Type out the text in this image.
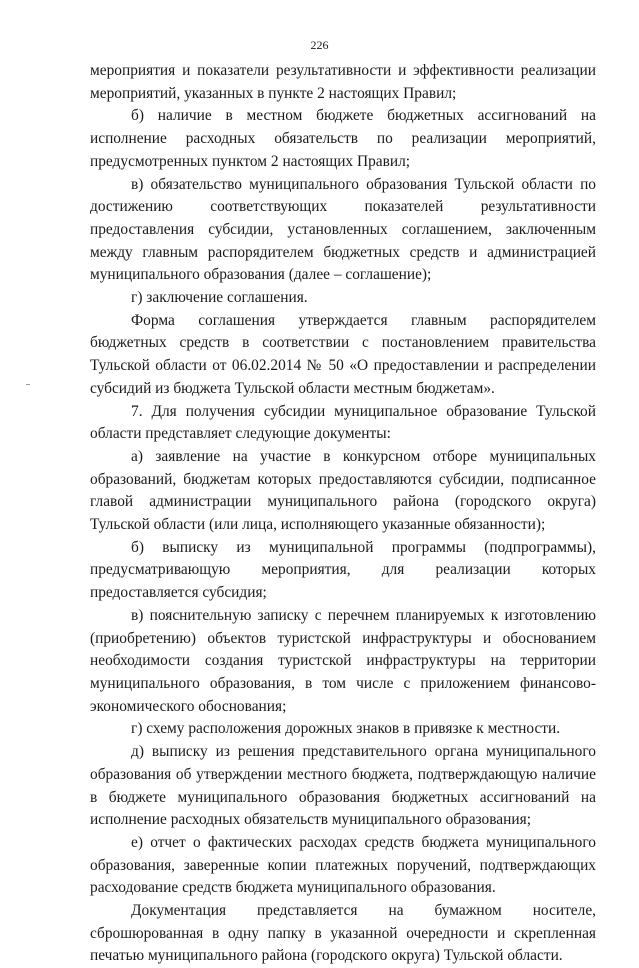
226

мероприятия и показатели результативности и эффективности реализации мероприятий, указанных в пункте 2 настоящих Правил;

б) наличие в местном бюджете бюджетных ассигнований на исполнение расходных обязательств по реализации мероприятий, предусмотренных пунктом 2 настоящих Правил;

в) обязательство муниципального образования Тульской области по достижению соответствующих показателей результативности предоставления субсидии, установленных соглашением, заключенным между главным распорядителем бюджетных средств и администрацией муниципального образования (далее – соглашение);

г) заключение соглашения.

Форма соглашения утверждается главным распорядителем бюджетных средств в соответствии с постановлением правительства Тульской области от 06.02.2014 № 50 «О предоставлении и распределении субсидий из бюджета Тульской области местным бюджетам».

7. Для получения субсидии муниципальное образование Тульской области представляет следующие документы:

а) заявление на участие в конкурсном отборе муниципальных образований, бюджетам которых предоставляются субсидии, подписанное главой администрации муниципального района (городского округа) Тульской области (или лица, исполняющего указанные обязанности);

б) выписку из муниципальной программы (подпрограммы), предусматривающую мероприятия, для реализации которых предоставляется субсидия;

в) пояснительную записку с перечнем планируемых к изготовлению (приобретению) объектов туристской инфраструктуры и обоснованием необходимости создания туристской инфраструктуры на территории муниципального образования, в том числе с приложением финансово-экономического обоснования;

г) схему расположения дорожных знаков в привязке к местности.

д) выписку из решения представительного органа муниципального образования об утверждении местного бюджета, подтверждающую наличие в бюджете муниципального образования бюджетных ассигнований на исполнение расходных обязательств муниципального образования;

е) отчет о фактических расходах средств бюджета муниципального образования, заверенные копии платежных поручений, подтверждающих расходование средств бюджета муниципального образования.

Документация представляется на бумажном носителе, сброшюрованная в одну папку в указанной очередности и скрепленная печатью муниципального района (городского округа) Тульской области.
